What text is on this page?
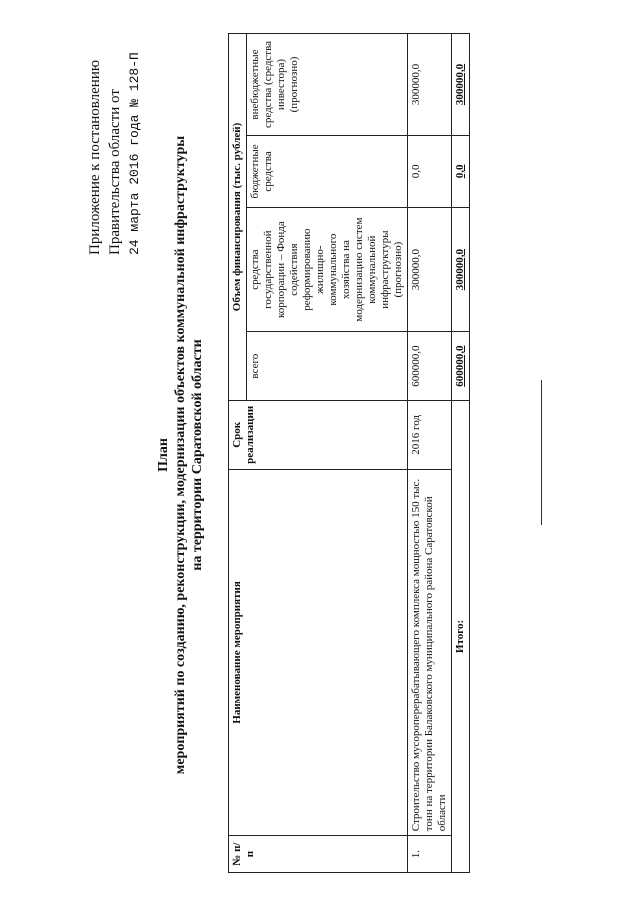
Приложение к постановлению Правительства области от 24 марта 2016 года № 128-П
План мероприятий по созданию, реконструкции, модернизации объектов коммунальной инфраструктуры на территории Саратовской области
№ п/п	Наименование мероприятия	Срок реализации	Объем финансирования (тыс. рублей)			
			всего	средства государственной корпорации – Фонда содействия реформированию жилищно-коммунального хозяйства на модернизацию систем коммунальной инфраструктуры (прогнозно)	бюджетные средства	внебюджетные средства (средства инвестора) (прогнозно)
1.	Строительство мусороперерабатывающего комплекса мощностью 150 тыс. тонн на территории Балаковского муниципального района Саратовской области	2016 год	600000,0	300000,0	0,0	300000,0
Итого:			600000,0	300000,0	0,0	300000,0
